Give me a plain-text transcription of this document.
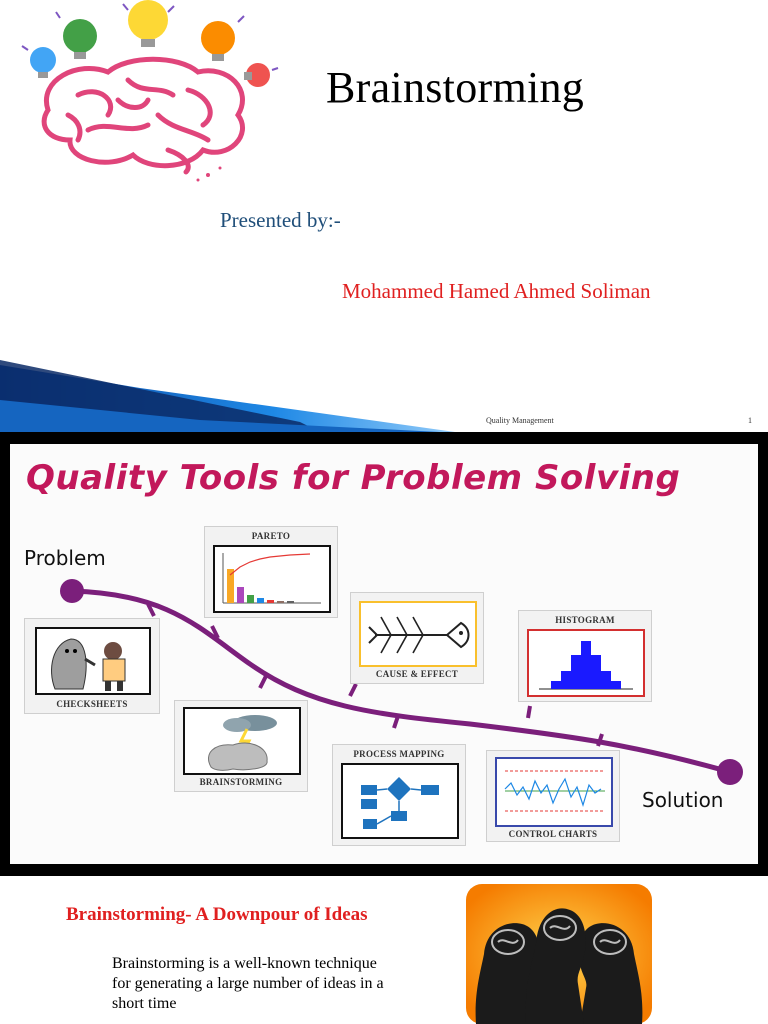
Brainstorming
Presented by:-
Mohammed Hamed Ahmed Soliman
Quality Management	1
Quality Tools for Problem Solving
Problem
Solution
PARETO
CHECKSHEETS
CAUSE & EFFECT
HISTOGRAM
BRAINSTORMING
PROCESS MAPPING
CONTROL CHARTS
Brainstorming- A Downpour of Ideas
Brainstorming is a well-known technique for generating a large number of ideas in a short time
